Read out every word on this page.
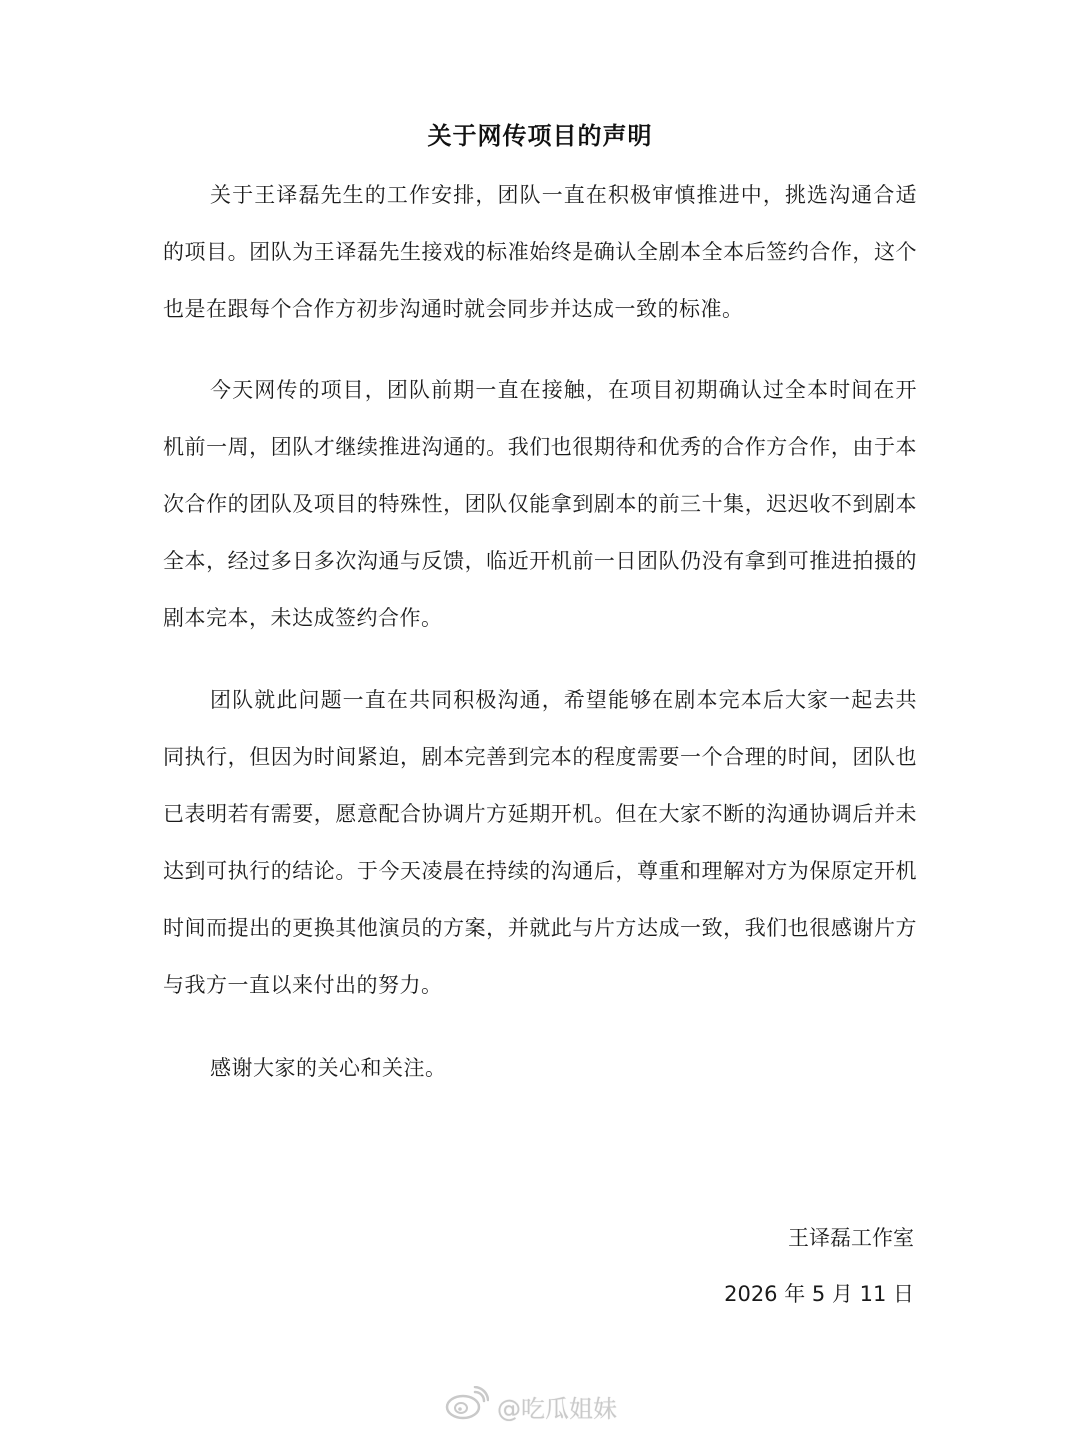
关于网传项目的声明

关于王译磊先生的工作安排，团队一直在积极审慎推进中，挑选沟通合适的项目。团队为王译磊先生接戏的标准始终是确认全剧本全本后签约合作，这个也是在跟每个合作方初步沟通时就会同步并达成一致的标准。

今天网传的项目，团队前期一直在接触，在项目初期确认过全本时间在开机前一周，团队才继续推进沟通的。我们也很期待和优秀的合作方合作，由于本次合作的团队及项目的特殊性，团队仅能拿到剧本的前三十集，迟迟收不到剧本全本，经过多日多次沟通与反馈，临近开机前一日团队仍没有拿到可推进拍摄的剧本完本，未达成签约合作。

团队就此问题一直在共同积极沟通，希望能够在剧本完本后大家一起去共同执行，但因为时间紧迫，剧本完善到完本的程度需要一个合理的时间，团队也已表明若有需要，愿意配合协调片方延期开机。但在大家不断的沟通协调后并未达到可执行的结论。于今天凌晨在持续的沟通后，尊重和理解对方为保原定开机时间而提出的更换其他演员的方案，并就此与片方达成一致，我们也很感谢片方与我方一直以来付出的努力。

感谢大家的关心和关注。

王译磊工作室
2026 年 5 月 11 日
@吃瓜姐妹
